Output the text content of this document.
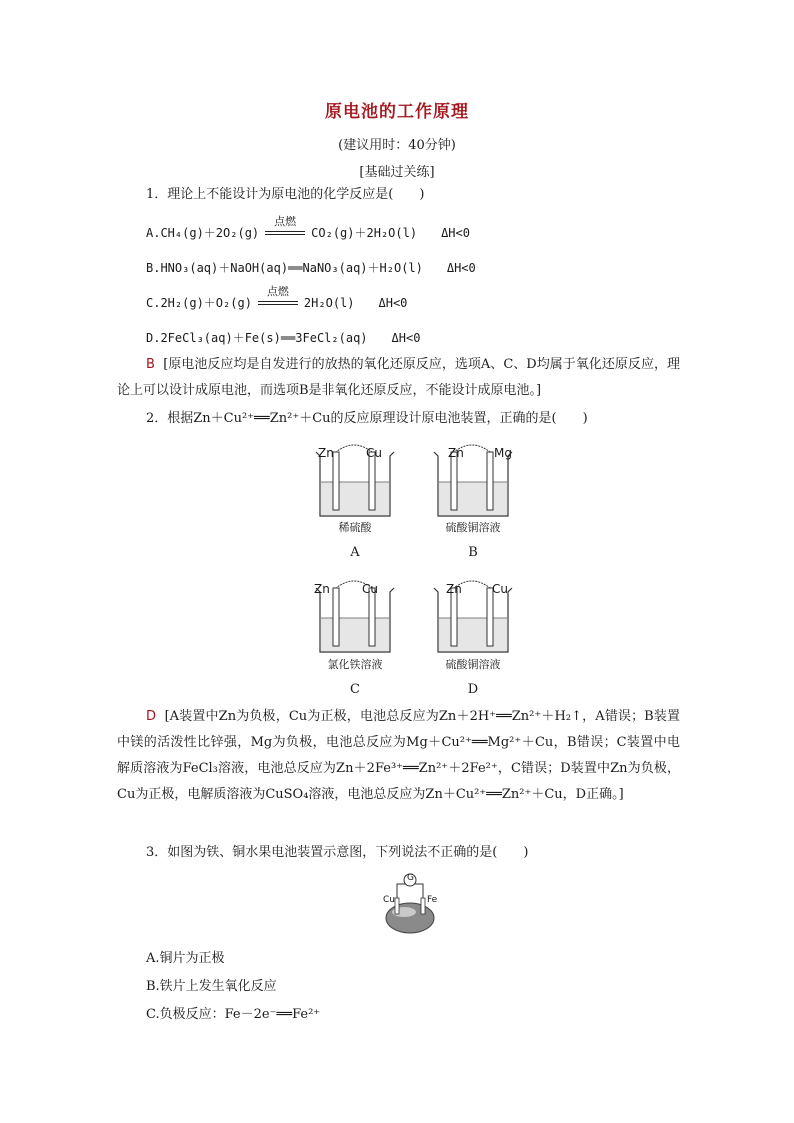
原电池的工作原理
(建议用时：40分钟)
[基础过关练]
1．理论上不能设计为原电池的化学反应是(　　)
A.CH₄(g)＋2O₂(g)
点燃
CO₂(g)＋2H₂O(l)　　ΔH<0
B.HNO₃(aq)＋NaOH(aq)══NaNO₃(aq)＋H₂O(l)　　ΔH<0
C.2H₂(g)＋O₂(g)
点燃
2H₂O(l)　　ΔH<0
D.2FeCl₃(aq)＋Fe(s)══3FeCl₂(aq)　　ΔH<0
B [原电池反应均是自发进行的放热的氧化还原反应，选项A、C、D均属于氧化还原反应，理论上可以设计成原电池，而选项B是非氧化还原反应，不能设计成原电池。]
2．根据Zn＋Cu²⁺══Zn²⁺＋Cu的反应原理设计原电池装置，正确的是(　　)
Zn	Cu
稀硫酸
A
Zn	Mg
硫酸铜溶液
B
Zn	Cu
氯化铁溶液
C
Zn	Cu
硫酸铜溶液
D
D [A装置中Zn为负极，Cu为正极，电池总反应为Zn＋2H⁺══Zn²⁺＋H₂↑，A错误；B装置中镁的活泼性比锌强，Mg为负极，电池总反应为Mg＋Cu²⁺══Mg²⁺＋Cu，B错误；C装置中电解质溶液为FeCl₃溶液，电池总反应为Zn＋2Fe³⁺══Zn²⁺＋2Fe²⁺，C错误；D装置中Zn为负极，Cu为正极，电解质溶液为CuSO₄溶液，电池总反应为Zn＋Cu²⁺══Zn²⁺＋Cu，D正确。]
3．如图为铁、铜水果电池装置示意图，下列说法不正确的是(　　)
G
Cu	Fe
A.铜片为正极
B.铁片上发生氧化反应
C.负极反应：Fe－2e⁻══Fe²⁺
